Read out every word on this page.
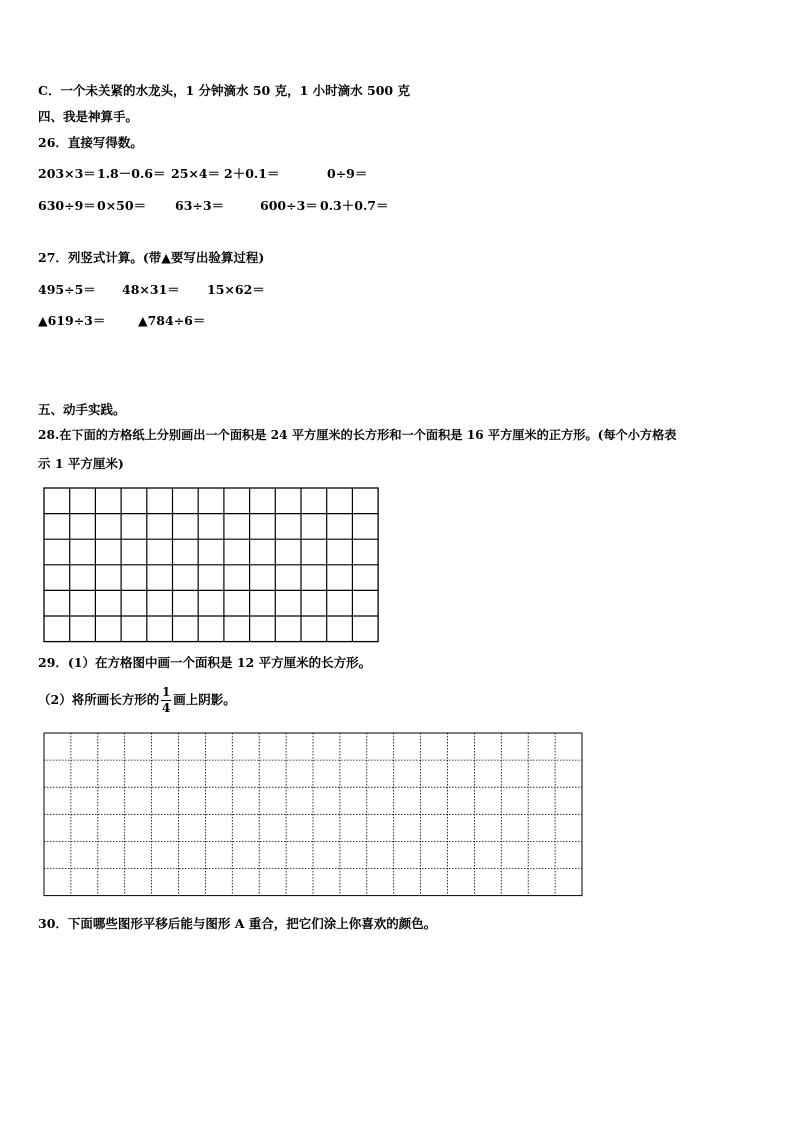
C．一个未关紧的水龙头，1 分钟滴水 50 克，1 小时滴水 500 克
四、我是神算手。
26．直接写得数。
203×3＝ 1.8－0.6＝ 25×4＝ 2＋0.1＝	0÷9＝
630÷9＝ 0×50＝ 63÷3＝	600÷3＝ 0.3＋0.7＝
27．列竖式计算。(带▲要写出验算过程)
495÷5＝ 48×31＝ 15×62＝
▲619÷3＝	▲784÷6＝
五、动手实践。
28.在下面的方格纸上分别画出一个面积是 24 平方厘米的长方形和一个面积是 16 平方厘米的正方形。(每个小方格表
示 1 平方厘米)
29．(1）在方格图中画一个面积是 12 平方厘米的长方形。
（2）将所画长方形的
1
4
画上阴影。
30．下面哪些图形平移后能与图形 A 重合，把它们涂上你喜欢的颜色。
